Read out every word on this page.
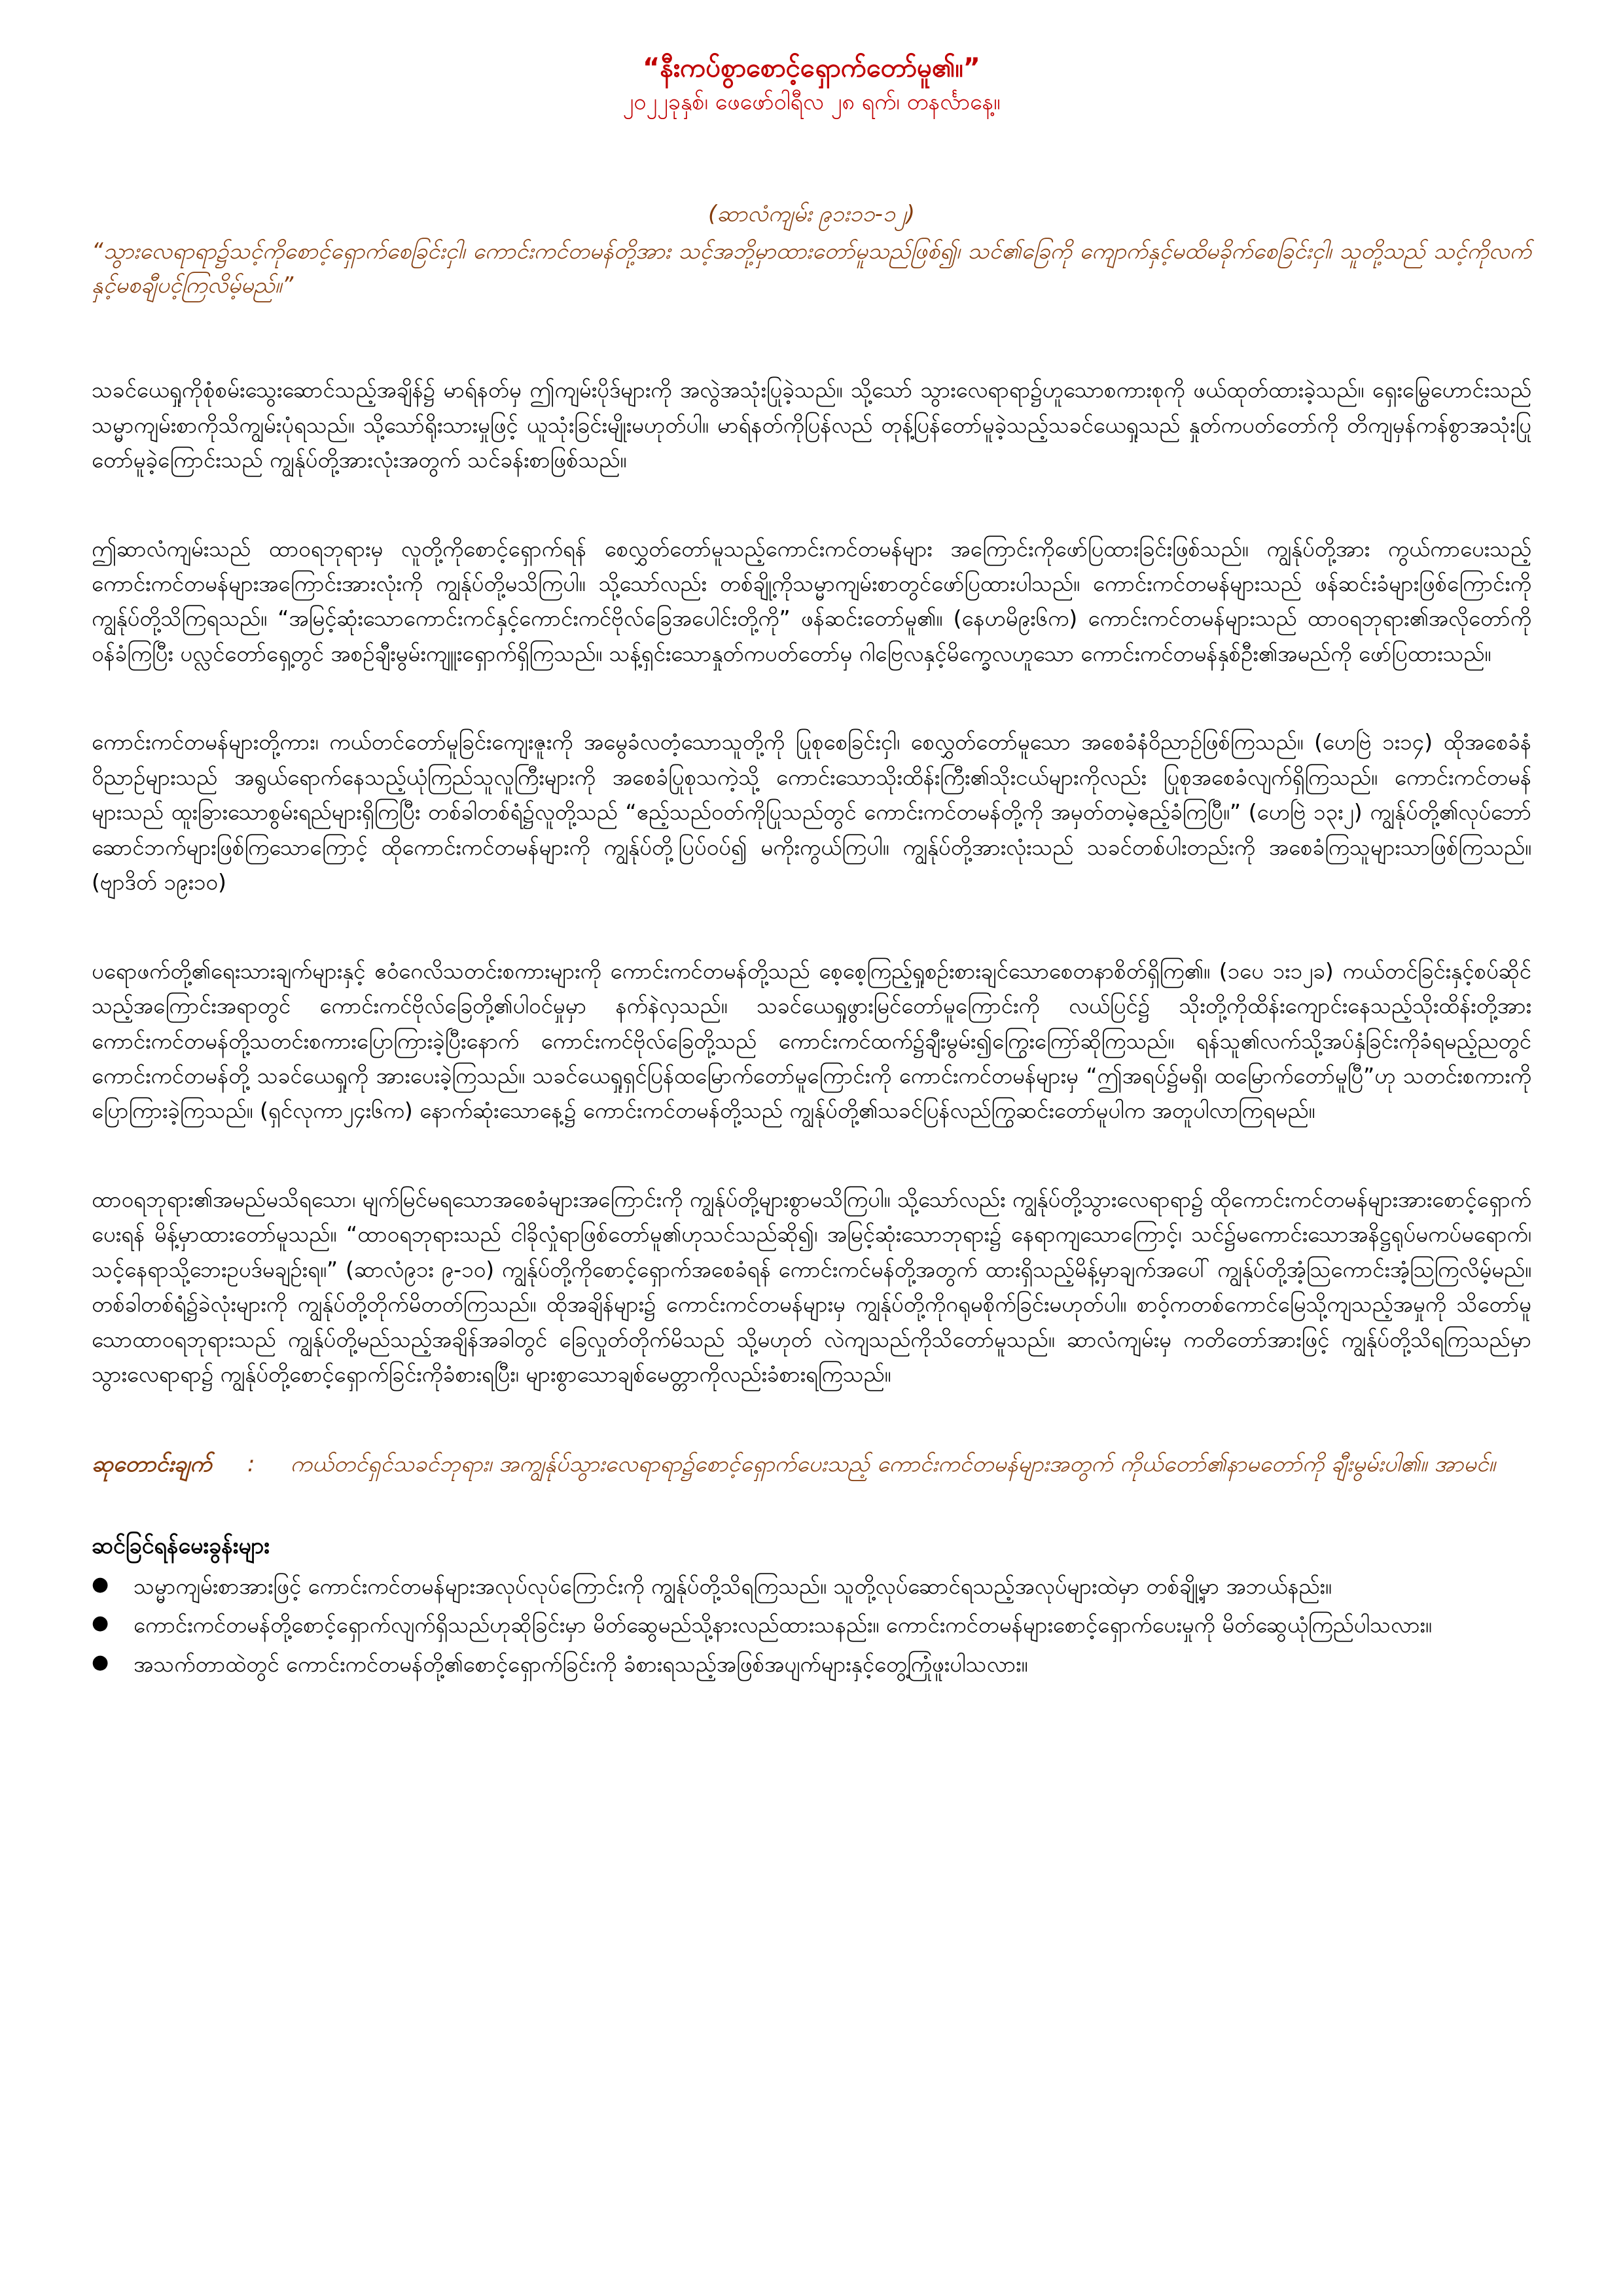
“နီးကပ်စွာစောင့်ရှောက်တော်မူ၏။”

၂၀၂၂ခုနှစ်၊ ဖေဖော်ဝါရီလ ၂၈ ရက်၊ တနင်္လာနေ့။

(ဆာလံကျမ်း ၉၁း၁၁-၁၂)

“သွားလေရာရာ၌သင့်ကိုစောင့်ရှောက်စေခြင်းငှါ၊ ကောင်းကင်တမန်တို့အား သင့်အဘို့မှာထားတော်မူသည်ဖြစ်၍၊ သင်၏ခြေကို ကျောက်နှင့်မထိမခိုက်စေခြင်းငှါ၊ သူတို့သည် သင့်ကိုလက်နှင့်မစချီပင့်ကြလိမ့်မည်။”

သခင်ယေရှုကိုစုံစမ်းသွေးဆောင်သည့်အချိန်၌ မာရ်နတ်မှ ဤကျမ်းပိုဒ်များကို အလွဲအသုံးပြုခဲ့သည်။ သို့သော် သွားလေရာရာ၌ဟူသောစကားစုကို ဖယ်ထုတ်ထားခဲ့သည်။ ရှေးမြွေဟောင်းသည် သမ္မာကျမ်းစာကိုသိကျွမ်းပုံရသည်။ သို့သော်ရိုးသားမှုဖြင့် ယူသုံးခြင်းမျိုးမဟုတ်ပါ။ မာရ်နတ်ကိုပြန်လည် တုန့်ပြန်တော်မူခဲ့သည့်သခင်ယေရှုသည် နှုတ်ကပတ်တော်ကို တိကျမှန်ကန်စွာအသုံးပြုတော်မူခဲ့ကြောင်းသည် ကျွန်ုပ်တို့အားလုံးအတွက် သင်ခန်းစာဖြစ်သည်။

ဤဆာလံကျမ်းသည် ထာဝရဘုရားမှ လူတို့ကိုစောင့်ရှောက်ရန် စေလွှတ်တော်မူသည့်ကောင်းကင်တမန်များ အကြောင်းကိုဖော်ပြထားခြင်းဖြစ်သည်။ ကျွန်ုပ်တို့အား ကွယ်ကာပေးသည့်ကောင်းကင်တမန်များအကြောင်းအားလုံးကို ကျွန်ုပ်တို့မသိကြပါ။ သို့သော်လည်း တစ်ချို့ကိုသမ္မာကျမ်းစာတွင်ဖော်ပြထားပါသည်။ ကောင်းကင်တမန်များသည် ဖန်ဆင်းခံများဖြစ်ကြောင်းကို ကျွန်ုပ်တို့သိကြရသည်။ “အမြင့်ဆုံးသောကောင်းကင်နှင့်ကောင်းကင်ဗိုလ်ခြေအပေါင်းတို့ကို” ဖန်ဆင်းတော်မူ၏။ (နေဟမိ၉း၆က) ကောင်းကင်တမန်များသည် ထာဝရဘုရား၏အလိုတော်ကိုဝန်ခံကြပြီး ပလ္လင်တော်ရှေ့တွင် အစဉ်ချီးမွမ်းကျူးရှောက်ရှိကြသည်။ သန့်ရှင်းသောနှုတ်ကပတ်တော်မှ ဂါဗြေလနှင့်မိက္ခေလဟူသော ကောင်းကင်တမန်နှစ်ဦး၏အမည်ကို ဖော်ပြထားသည်။

ကောင်းကင်တမန်များတို့ကား၊ ကယ်တင်တော်မူခြင်းကျေးဇူးကို အမွေခံလတံ့သောသူတို့ကို ပြုစုစေခြင်းငှါ၊ စေလွှတ်တော်မူသော အစေခံနံဝိညာဉ်ဖြစ်ကြသည်။ (ဟေဗြဲ ၁း၁၄) ထိုအစေခံနံဝိညာဉ်များသည် အရွယ်ရောက်နေသည့်ယုံကြည်သူလူကြီးများကို အစေခံပြုစုသကဲ့သို့ ကောင်းသောသိုးထိန်းကြီး၏သိုးငယ်များကိုလည်း ပြုစုအစေခံလျက်ရှိကြသည်။ ကောင်းကင်တမန်များသည် ထူးခြားသောစွမ်းရည်များရှိကြပြီး တစ်ခါတစ်ရံ၌လူတို့သည် “ဧည့်သည်ဝတ်ကိုပြုသည်တွင် ကောင်းကင်တမန်တို့ကို အမှတ်တမဲ့ဧည့်ခံကြပြီ။” (ဟေဗြဲ ၁၃း၂) ကျွန်ုပ်တို့၏လုပ်ဘော်ဆောင်ဘက်များဖြစ်ကြသောကြောင့် ထိုကောင်းကင်တမန်များကို ကျွန်ုပ်တို့ပြပ်ဝပ်၍ မကိုးကွယ်ကြပါ။ ကျွန်ုပ်တို့အားလုံးသည် သခင်တစ်ပါးတည်းကို အစေခံကြသူများသာဖြစ်ကြသည်။ (ဗျာဒိတ် ၁၉း၁၀)

ပရောဖက်တို့၏ရေးသားချက်များနှင့် ဧဝံဂေလိသတင်းစကားများကို ကောင်းကင်တမန်တို့သည် စေ့စေ့ကြည့်ရှုစဉ်းစားချင်သောစေတနာစိတ်ရှိကြ၏။ (၁ပေ ၁း၁၂ခ) ကယ်တင်ခြင်းနှင့်စပ်ဆိုင်သည့်အကြောင်းအရာတွင် ကောင်းကင်ဗိုလ်ခြေတို့၏ပါဝင်မှုမှာ နက်နဲလှသည်။ သခင်ယေရှုဖွားမြင်တော်မူကြောင်းကို လယ်ပြင်၌ သိုးတို့ကိုထိန်းကျောင်းနေသည့်သိုးထိန်းတို့အား ကောင်းကင်တမန်တို့သတင်းစကားပြောကြားခဲ့ပြီးနောက် ကောင်းကင်ဗိုလ်ခြေတို့သည် ကောင်းကင်ထက်၌ချီးမွမ်း၍ကြွေးကြော်ဆိုကြသည်။ ရန်သူ၏လက်သို့အပ်နှံခြင်းကိုခံရမည့်ညတွင် ကောင်းကင်တမန်တို့ သခင်ယေရှုကို အားပေးခဲ့ကြသည်။ သခင်ယေရှုရှင်ပြန်ထမြောက်တော်မူကြောင်းကို ကောင်းကင်တမန်များမှ “ဤအရပ်၌မရှိ၊ ထမြောက်တော်မူပြီ”ဟု သတင်းစကားကိုပြောကြားခဲ့ကြသည်။ (ရှင်လုကာ၂၄း၆က) နောက်ဆုံးသောနေ့၌ ကောင်းကင်တမန်တို့သည် ကျွန်ုပ်တို့၏သခင်ပြန်လည်ကြွဆင်းတော်မူပါက အတူပါလာကြရမည်။

ထာဝရဘုရား၏အမည်မသိရသော၊ မျက်မြင်မရသောအစေခံများအကြောင်းကို ကျွန်ုပ်တို့များစွာမသိကြပါ။ သို့သော်လည်း ကျွန်ုပ်တို့သွားလေရာရာ၌ ထိုကောင်းကင်တမန်များအားစောင့်ရှောက်ပေးရန် မိန့်မှာထားတော်မူသည်။ “ထာဝရဘုရားသည် ငါခိုလှုံရာဖြစ်တော်မူ၏ဟုသင်သည်ဆို၍၊ အမြင့်ဆုံးသောဘုရား၌ နေရာကျသောကြောင့်၊ သင်၌မကောင်းသောအနိဋ္ဌရုပ်မကပ်မရောက်၊ သင့်နေရာသို့ဘေးဥပဒ်မချဉ်းရ။” (ဆာလံ၉၁း ၉-၁၀) ကျွန်ုပ်တို့ကိုစောင့်ရှောက်အစေခံရန် ကောင်းကင်မန်တို့အတွက် ထားရှိသည့်မိန့်မှာချက်အပေါ် ကျွန်ုပ်တို့အံ့သြကောင်းအံ့သြကြလိမ့်မည်။ တစ်ခါတစ်ရံ၌ခဲလုံးများကို ကျွန်ုပ်တို့တိုက်မိတတ်ကြသည်။ ထိုအချိန်များ၌ ကောင်းကင်တမန်များမှ ကျွန်ုပ်တို့ကိုဂရုမစိုက်ခြင်းမဟုတ်ပါ။ စာဝ့်ကတစ်ကောင်မြေသို့ကျသည့်အမှုကို သိတော်မူသောထာဝရဘုရားသည် ကျွန်ုပ်တို့မည်သည့်အချိန်အခါတွင် ခြေလှုတ်တိုက်မိသည် သို့မဟုတ် လဲကျသည်ကိုသိတော်မူသည်။ ဆာလံကျမ်းမှ ကတိတော်အားဖြင့် ကျွန်ုပ်တို့သိရကြသည်မှာ သွားလေရာရာ၌ ကျွန်ုပ်တို့စောင့်ရှောက်ခြင်းကိုခံစားရပြီး၊ များစွာသောချစ်မေတ္တာကိုလည်းခံစားရကြသည်။

ဆုတောင်းချက် : ကယ်တင်ရှင်သခင်ဘုရား၊ အကျွန်ုပ်သွားလေရာရာ၌စောင့်ရှောက်ပေးသည့် ကောင်းကင်တမန်များအတွက် ကိုယ်တော်၏နာမတော်ကို ချီးမွမ်းပါ၏။ အာမင်။

ဆင်ခြင်ရန်မေးခွန်းများ

●	သမ္မာကျမ်းစာအားဖြင့် ကောင်းကင်တမန်များအလုပ်လုပ်ကြောင်းကို ကျွန်ုပ်တို့သိရကြသည်။ သူတို့လုပ်ဆောင်ရသည့်အလုပ်များထဲမှာ တစ်ချို့မှာ အဘယ်နည်း။
●	ကောင်းကင်တမန်တို့စောင့်ရှောက်လျက်ရှိသည်ဟုဆိုခြင်းမှာ မိတ်ဆွေမည်သို့နားလည်ထားသနည်း။ ကောင်းကင်တမန်များစောင့်ရှောက်ပေးမှုကို မိတ်ဆွေယုံကြည်ပါသလား။
●	အသက်တာထဲတွင် ကောင်းကင်တမန်တို့၏စောင့်ရှောက်ခြင်းကို ခံစားရသည့်အဖြစ်အပျက်များနှင့်တွေ့ကြုံဖူးပါသလား။
